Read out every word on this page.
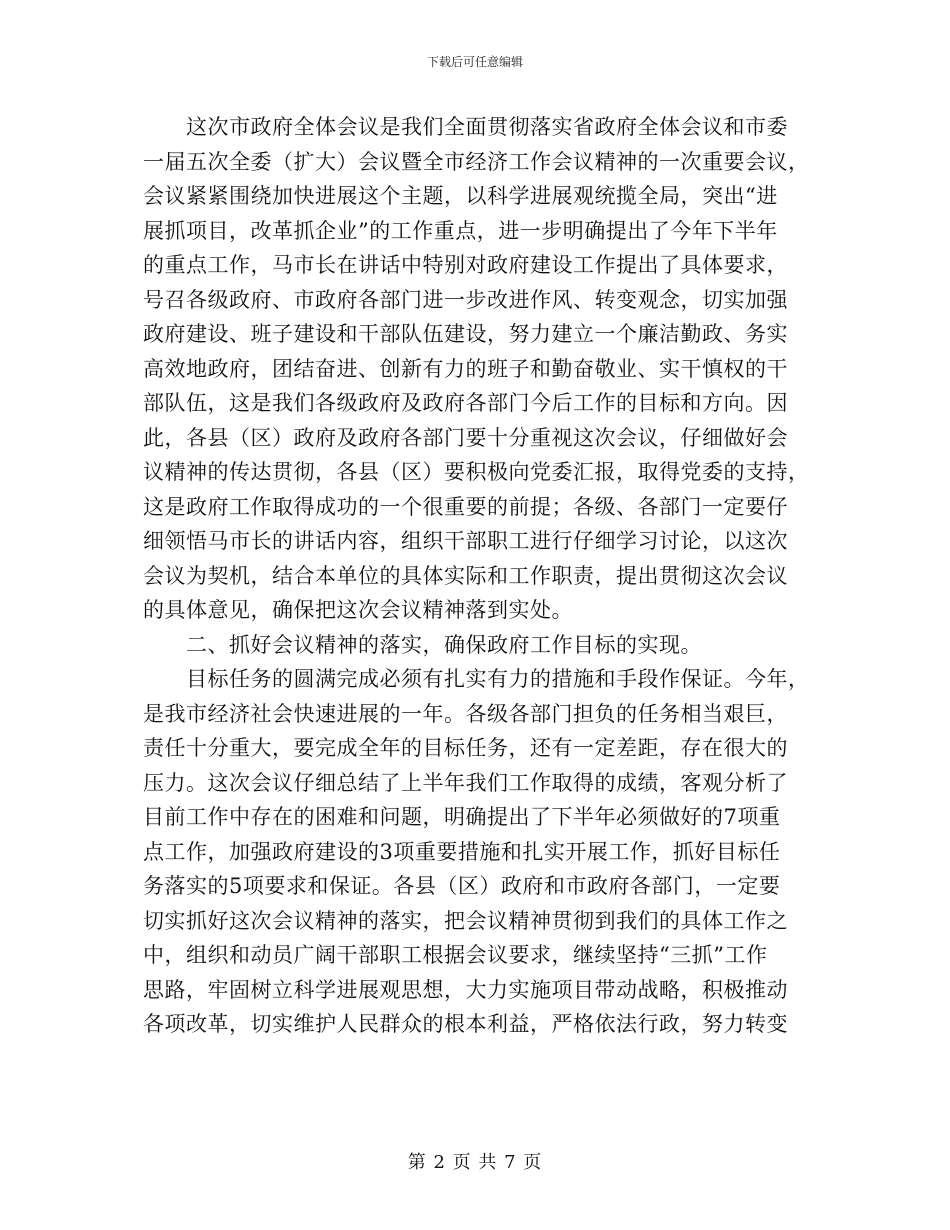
下载后可任意编辑
这次市政府全体会议是我们全面贯彻落实省政府全体会议和市委
一届五次全委（扩大）会议暨全市经济工作会议精神的一次重要会议，
会议紧紧围绕加快进展这个主题，以科学进展观统揽全局，突出“进
展抓项目，改革抓企业”的工作重点，进一步明确提出了今年下半年
的重点工作，马市长在讲话中特别对政府建设工作提出了具体要求，
号召各级政府、市政府各部门进一步改进作风、转变观念，切实加强
政府建设、班子建设和干部队伍建设，努力建立一个廉洁勤政、务实
高效地政府，团结奋进、创新有力的班子和勤奋敬业、实干慎权的干
部队伍，这是我们各级政府及政府各部门今后工作的目标和方向。因
此，各县（区）政府及政府各部门要十分重视这次会议，仔细做好会
议精神的传达贯彻，各县（区）要积极向党委汇报，取得党委的支持，
这是政府工作取得成功的一个很重要的前提；各级、各部门一定要仔
细领悟马市长的讲话内容，组织干部职工进行仔细学习讨论，以这次
会议为契机，结合本单位的具体实际和工作职责，提出贯彻这次会议
的具体意见，确保把这次会议精神落到实处。
二、抓好会议精神的落实，确保政府工作目标的实现。
目标任务的圆满完成必须有扎实有力的措施和手段作保证。今年，
是我市经济社会快速进展的一年。各级各部门担负的任务相当艰巨，
责任十分重大，要完成全年的目标任务，还有一定差距，存在很大的
压力。这次会议仔细总结了上半年我们工作取得的成绩，客观分析了
目前工作中存在的困难和问题，明确提出了下半年必须做好的7项重
点工作，加强政府建设的3项重要措施和扎实开展工作，抓好目标任
务落实的5项要求和保证。各县（区）政府和市政府各部门，一定要
切实抓好这次会议精神的落实，把会议精神贯彻到我们的具体工作之
中，组织和动员广阔干部职工根据会议要求，继续坚持“三抓”工作
思路，牢固树立科学进展观思想，大力实施项目带动战略，积极推动
各项改革，切实维护人民群众的根本利益，严格依法行政，努力转变
第 2 页 共 7 页
